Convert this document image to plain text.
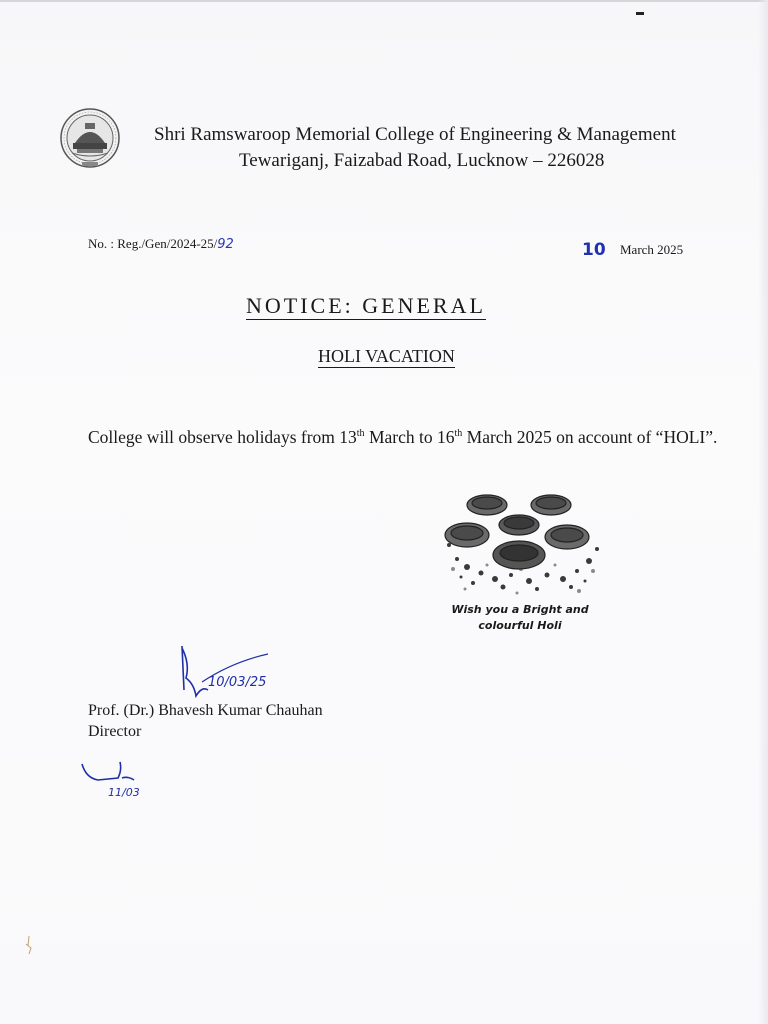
Shri Ramswaroop Memorial College of Engineering & Management
Tewariganj, Faizabad Road, Lucknow – 226028
No. : Reg./Gen/2024-25/92	10 March 2025
NOTICE: GENERAL
HOLI VACATION
College will observe holidays from 13th March to 16th March 2025 on account of “HOLI”.
Wish you a Bright and
colourful Holi
10/03/25
Prof. (Dr.) Bhavesh Kumar Chauhan
Director
11/03
